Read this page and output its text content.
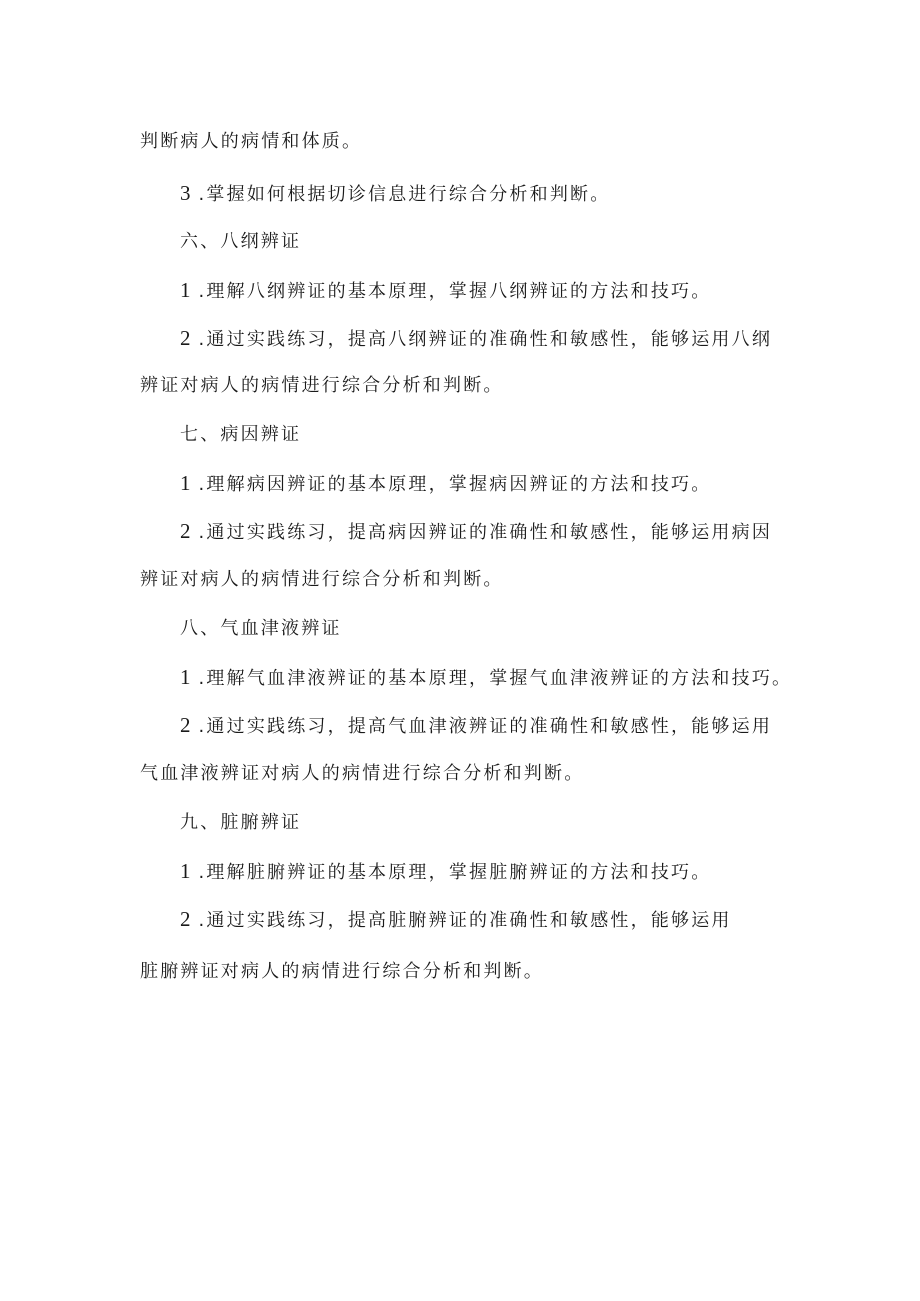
判断病人的病情和体质。
3 .掌握如何根据切诊信息进行综合分析和判断。
六、八纲辨证
1 .理解八纲辨证的基本原理，掌握八纲辨证的方法和技巧。
2 .通过实践练习，提高八纲辨证的准确性和敏感性，能够运用八纲
辨证对病人的病情进行综合分析和判断。
七、病因辨证
1 .理解病因辨证的基本原理，掌握病因辨证的方法和技巧。
2 .通过实践练习，提高病因辨证的准确性和敏感性，能够运用病因
辨证对病人的病情进行综合分析和判断。
八、气血津液辨证
1 .理解气血津液辨证的基本原理，掌握气血津液辨证的方法和技巧。
2 .通过实践练习，提高气血津液辨证的准确性和敏感性，能够运用
气血津液辨证对病人的病情进行综合分析和判断。
九、脏腑辨证
1 .理解脏腑辨证的基本原理，掌握脏腑辨证的方法和技巧。
2 .通过实践练习，提高脏腑辨证的准确性和敏感性，能够运用
脏腑辨证对病人的病情进行综合分析和判断。
